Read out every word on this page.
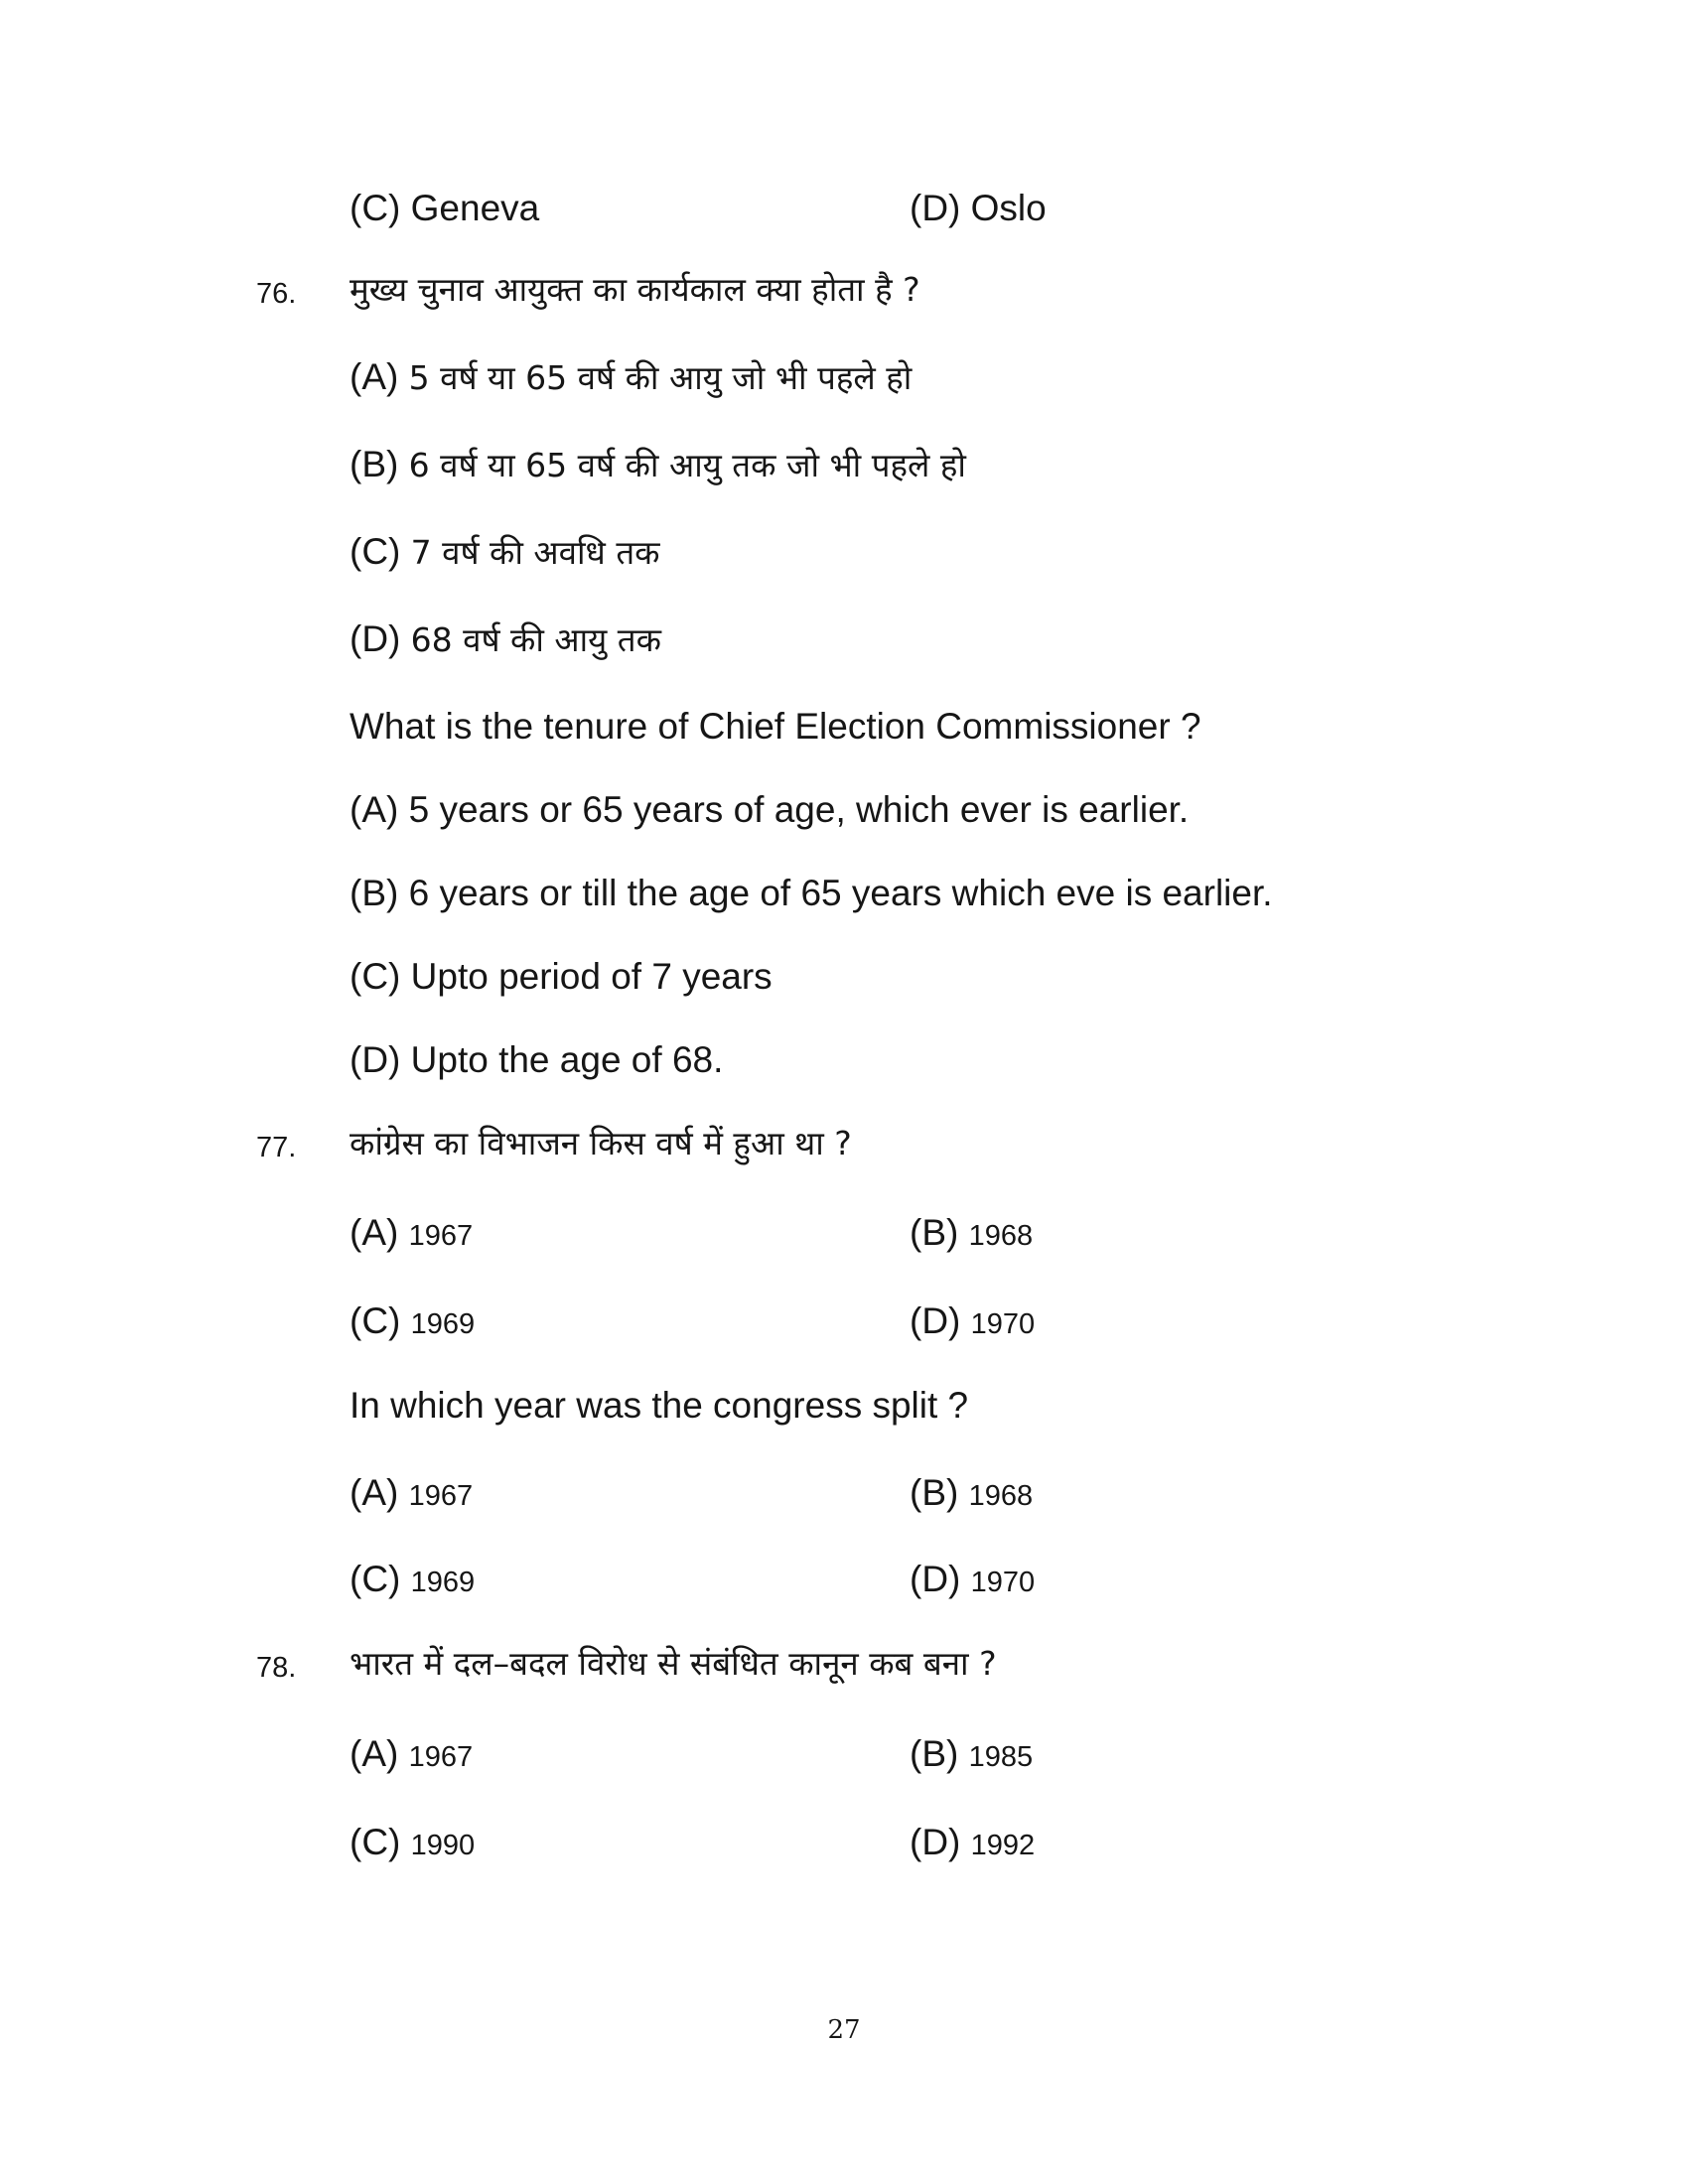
(C) Geneva	(D) Oslo
76. मुख्य चुनाव आयुक्त का कार्यकाल क्या होता है ?
(A) 5 वर्ष या 65 वर्ष की आयु जो भी पहले हो
(B) 6 वर्ष या 65 वर्ष की आयु तक जो भी पहले हो
(C) 7 वर्ष की अवधि तक
(D) 68 वर्ष की आयु तक
What is the tenure of Chief Election Commissioner ?
(A) 5 years or 65 years of age, which ever is earlier.
(B) 6 years or till the age of 65 years which eve is earlier.
(C) Upto period of 7 years
(D) Upto the age of 68.
77. कांग्रेस का विभाजन किस वर्ष में हुआ था ?
(A) 1967	(B) 1968
(C) 1969	(D) 1970
In which year was the congress split ?
(A) 1967	(B) 1968
(C) 1969	(D) 1970
78. भारत में दल–बदल विरोध से संबंधित कानून कब बना ?
(A) 1967	(B) 1985
(C) 1990	(D) 1992
27
